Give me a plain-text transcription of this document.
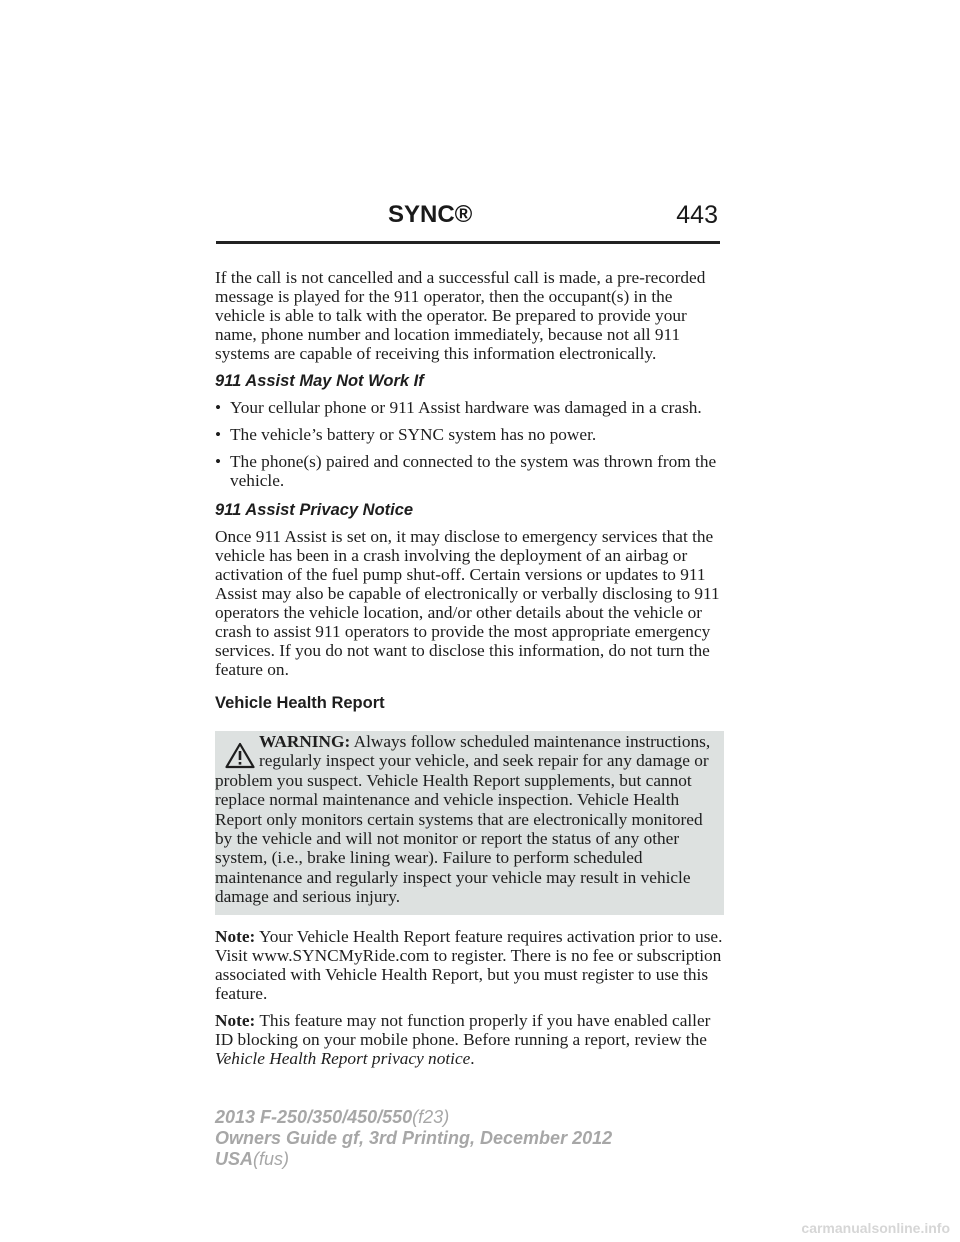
SYNC®	443

If the call is not cancelled and a successful call is made, a pre-recorded message is played for the 911 operator, then the occupant(s) in the vehicle is able to talk with the operator. Be prepared to provide your name, phone number and location immediately, because not all 911 systems are capable of receiving this information electronically.

911 Assist May Not Work If
• Your cellular phone or 911 Assist hardware was damaged in a crash.
• The vehicle’s battery or SYNC system has no power.
• The phone(s) paired and connected to the system was thrown from the vehicle.
911 Assist Privacy Notice

Once 911 Assist is set on, it may disclose to emergency services that the vehicle has been in a crash involving the deployment of an airbag or activation of the fuel pump shut-off. Certain versions or updates to 911 Assist may also be capable of electronically or verbally disclosing to 911 operators the vehicle location, and/or other details about the vehicle or crash to assist 911 operators to provide the most appropriate emergency services. If you do not want to disclose this information, do not turn the feature on.

Vehicle Health Report

WARNING: Always follow scheduled maintenance instructions,
regularly inspect your vehicle, and seek repair for any damage or
problem you suspect. Vehicle Health Report supplements, but cannot replace normal maintenance and vehicle inspection. Vehicle Health Report only monitors certain systems that are electronically monitored by the vehicle and will not monitor or report the status of any other system, (i.e., brake lining wear). Failure to perform scheduled maintenance and regularly inspect your vehicle may result in vehicle damage and serious injury.

Note: Your Vehicle Health Report feature requires activation prior to use. Visit www.SYNCMyRide.com to register. There is no fee or subscription associated with Vehicle Health Report, but you must register to use this feature.

Note: This feature may not function properly if you have enabled caller ID blocking on your mobile phone. Before running a report, review the Vehicle Health Report privacy notice.

2013 F-250/350/450/550(f23)
Owners Guide gf, 3rd Printing, December 2012
USA(fus)
carmanualsonline.info
